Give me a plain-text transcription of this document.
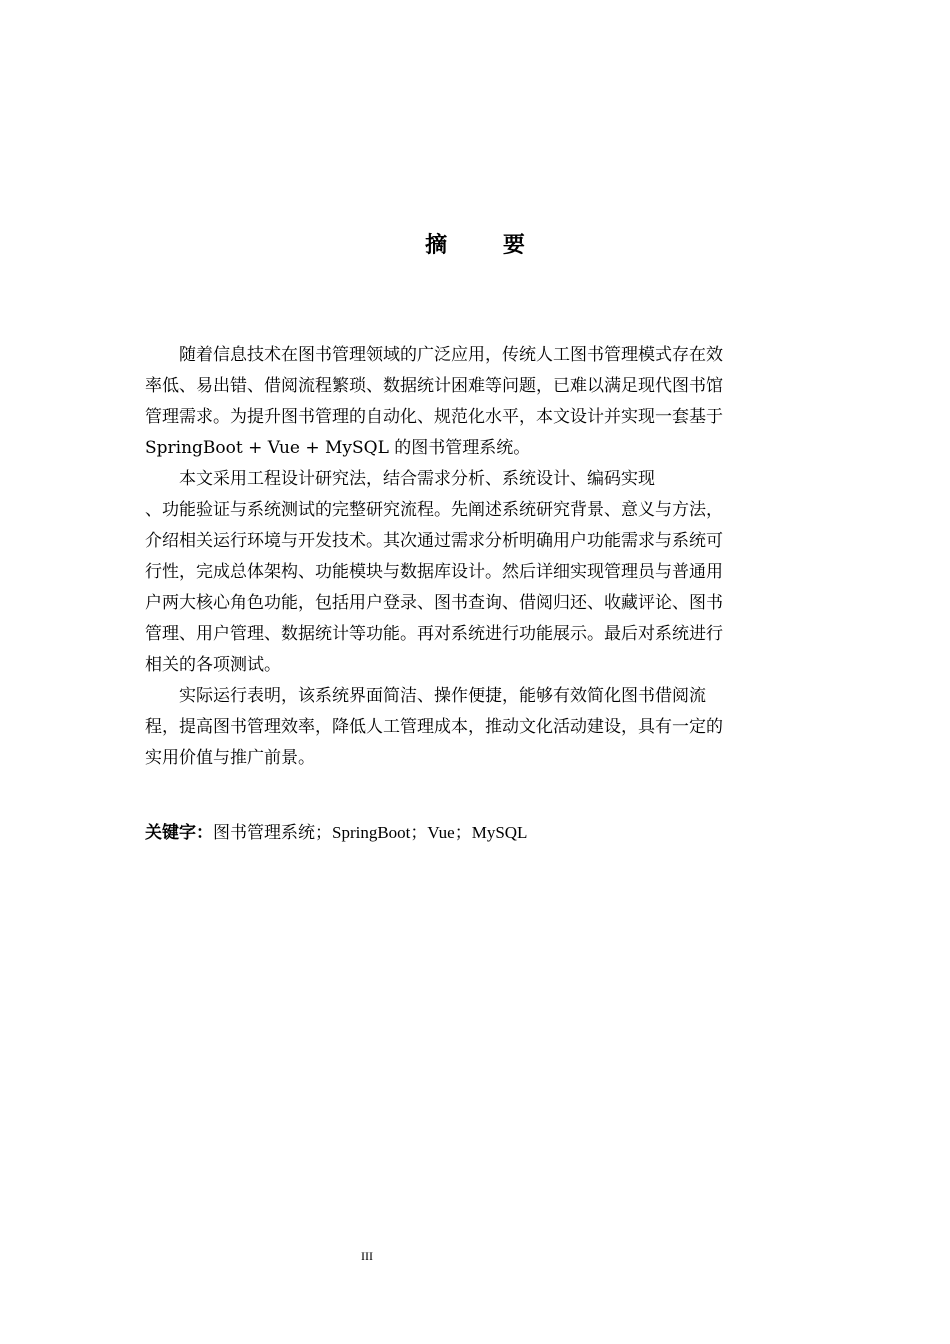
摘 要
随着信息技术在图书管理领域的广泛应用，传统人工图书管理模式存在效
率低、易出错、借阅流程繁琐、数据统计困难等问题，已难以满足现代图书馆
管理需求。为提升图书管理的自动化、规范化水平，本文设计并实现一套基于
SpringBoot + Vue + MySQL 的图书管理系统。
本文采用工程设计研究法，结合需求分析、系统设计、编码实现
、功能验证与系统测试的完整研究流程。先阐述系统研究背景、意义与方法，
介绍相关运行环境与开发技术。其次通过需求分析明确用户功能需求与系统可
行性，完成总体架构、功能模块与数据库设计。然后详细实现管理员与普通用
户两大核心角色功能，包括用户登录、图书查询、借阅归还、收藏评论、图书
管理、用户管理、数据统计等功能。再对系统进行功能展示。最后对系统进行
相关的各项测试。
实际运行表明，该系统界面简洁、操作便捷，能够有效简化图书借阅流
程，提高图书管理效率，降低人工管理成本，推动文化活动建设，具有一定的
实用价值与推广前景。
关键字：图书管理系统；SpringBoot；Vue；MySQL
III
